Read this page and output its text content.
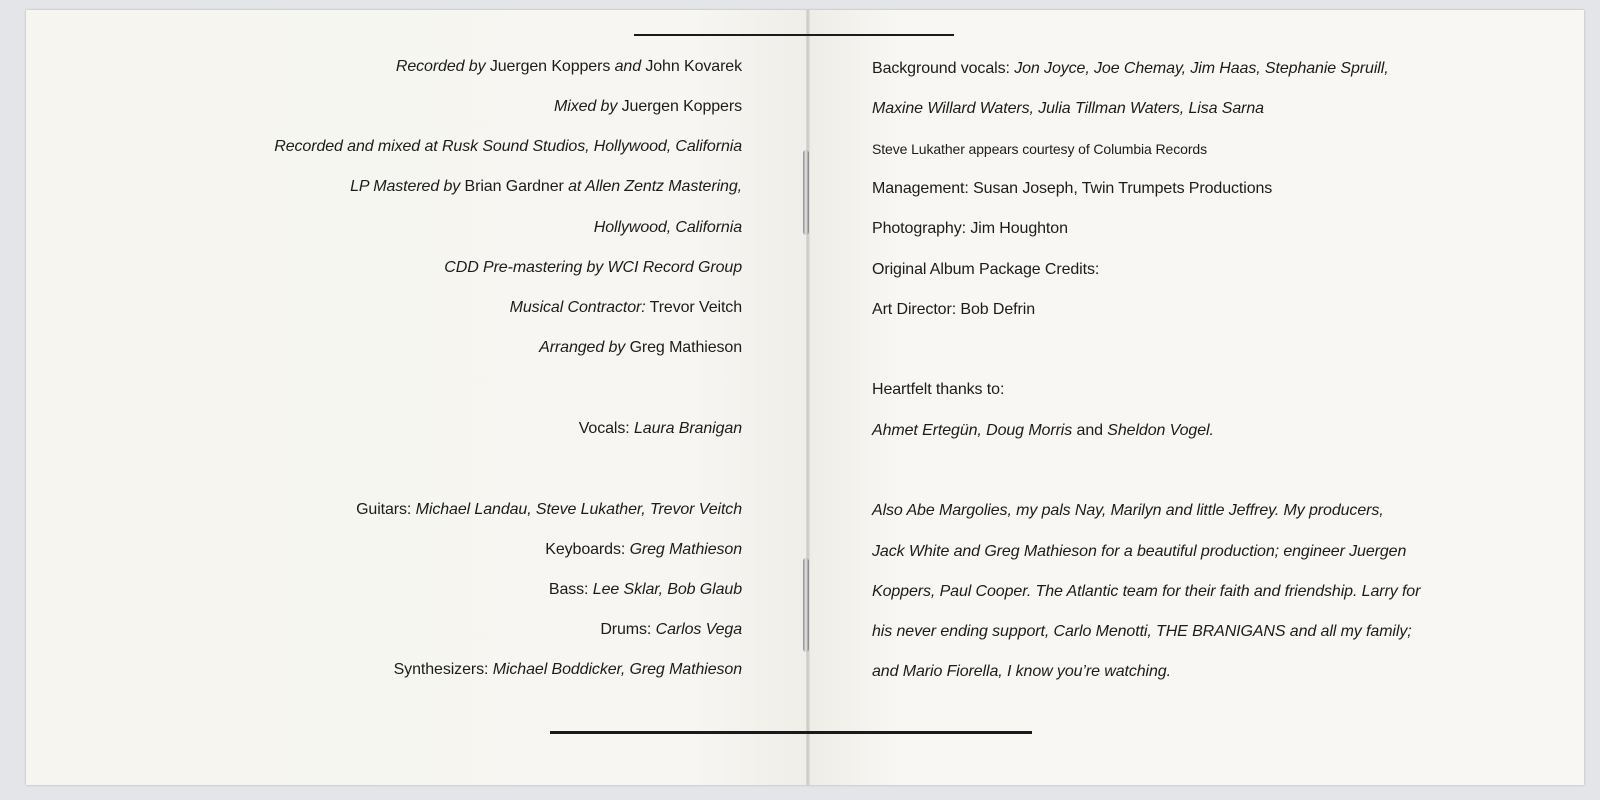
Recorded by Juergen Koppers and John Kovarek
Mixed by Juergen Koppers
Recorded and mixed at Rusk Sound Studios, Hollywood, California
LP Mastered by Brian Gardner at Allen Zentz Mastering,
Hollywood, California
CDD Pre-mastering by WCI Record Group
Musical Contractor: Trevor Veitch
Arranged by Greg Mathieson
Vocals: Laura Branigan
Guitars: Michael Landau, Steve Lukather, Trevor Veitch
Keyboards: Greg Mathieson
Bass: Lee Sklar, Bob Glaub
Drums: Carlos Vega
Synthesizers: Michael Boddicker, Greg Mathieson
Background vocals: Jon Joyce, Joe Chemay, Jim Haas, Stephanie Spruill,
Maxine Willard Waters, Julia Tillman Waters, Lisa Sarna
Steve Lukather appears courtesy of Columbia Records
Management: Susan Joseph, Twin Trumpets Productions
Photography: Jim Houghton
Original Album Package Credits:
Art Director: Bob Defrin
Heartfelt thanks to:
Ahmet Ertegün, Doug Morris and Sheldon Vogel.
Also Abe Margolies, my pals Nay, Marilyn and little Jeffrey. My producers,
Jack White and Greg Mathieson for a beautiful production; engineer Juergen
Koppers, Paul Cooper. The Atlantic team for their faith and friendship. Larry for
his never ending support, Carlo Menotti, THE BRANIGANS and all my family;
and Mario Fiorella, I know you’re watching.
